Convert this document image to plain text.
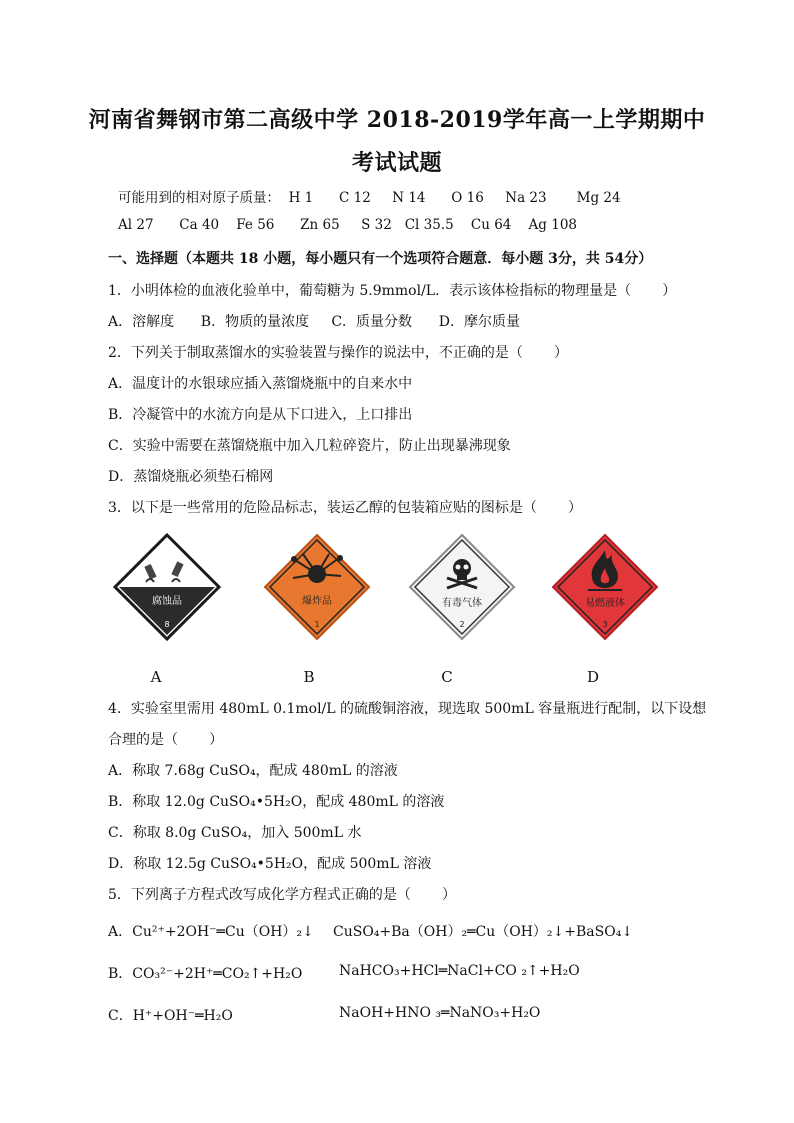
河南省舞钢市第二高级中学 2018-2019学年高一上学期期中
考试试题
可能用到的相对原子质量：  H 1      C 12     N 14      O 16     Na 23       Mg 24
Al 27      Ca 40    Fe 56      Zn 65     S 32   Cl 35.5    Cu 64    Ag 108
一、选择题（本题共 18 小题，每小题只有一个选项符合题意．每小题 3分，共 54分）
1．小明体检的血液化验单中，葡萄糖为 5.9mmol/L．表示该体检指标的物理量是（       ）
A．溶解度      B．物质的量浓度     C．质量分数      D．摩尔质量
2．下列关于制取蒸馏水的实验装置与操作的说法中，不正确的是（       ）
A．温度计的水银球应插入蒸馏烧瓶中的自来水中
B．冷凝管中的水流方向是从下口进入，上口排出
C．实验中需要在蒸馏烧瓶中加入几粒碎瓷片，防止出现暴沸现象
D．蒸馏烧瓶必须垫石棉网
3．以下是一些常用的危险品标志，装运乙醇的包装箱应贴的图标是（       ）
腐蚀品
8
爆炸品
1
有毒气体
2
易燃液体
3
A	B	C	D
4．实验室里需用 480mL 0.1mol/L 的硫酸铜溶液，现选取 500mL 容量瓶进行配制，以下设想
合理的是（       ）
A．称取 7.68g CuSO₄，配成 480mL 的溶液
B．称取 12.0g CuSO₄•5H₂O，配成 480mL 的溶液
C．称取 8.0g CuSO₄，加入 500mL 水
D．称取 12.5g CuSO₄•5H₂O，配成 500mL 溶液
5．下列离子方程式改写成化学方程式正确的是（       ）
A．Cu²⁺+2OH⁻═Cu（OH）₂↓ CuSO₄+Ba（OH）₂═Cu（OH）₂↓+BaSO₄↓
B．CO₃²⁻+2H⁺═CO₂↑+H₂O	NaHCO₃+HCl═NaCl+CO ₂↑+H₂O
C．H⁺+OH⁻═H₂O	NaOH+HNO ₃═NaNO₃+H₂O
